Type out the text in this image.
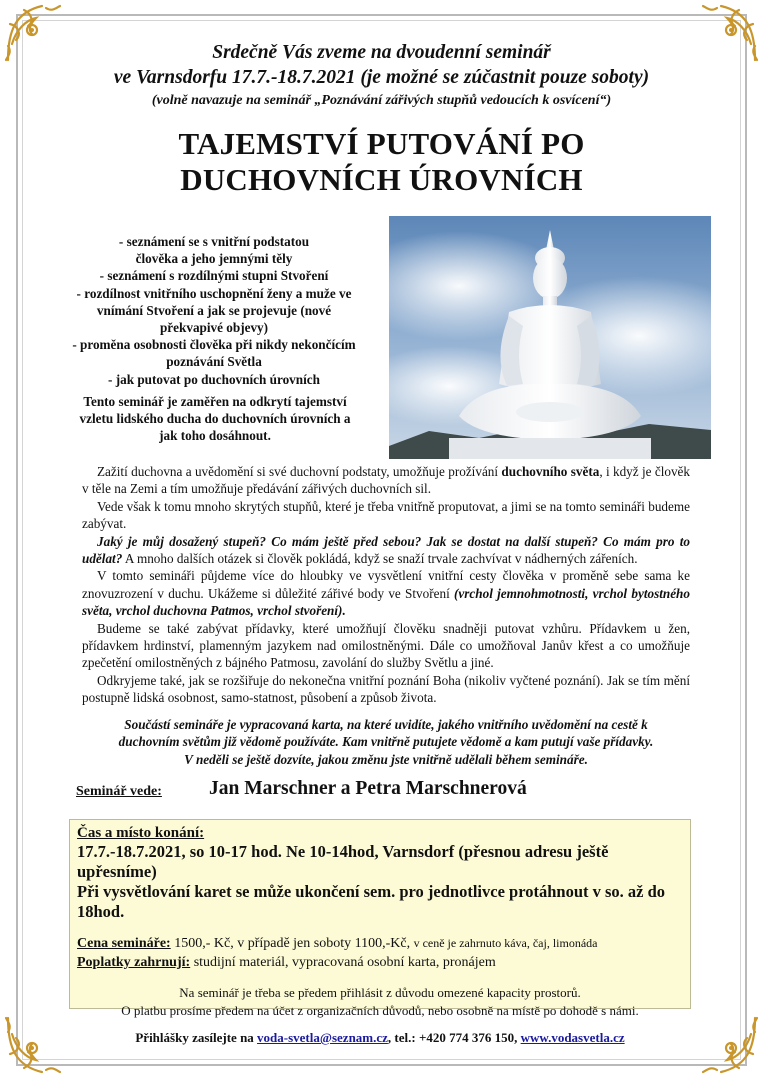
Srdečně Vás zveme na dvoudenní seminář
ve Varnsdorfu 17.7.-18.7.2021 (je možné se zúčastnit pouze soboty)
(volně navazuje na seminář „Poznávání zářivých stupňů vedoucích k osvícení“)
TAJEMSTVÍ PUTOVÁNÍ PO
DUCHOVNÍCH ÚROVNÍCH
- seznámení se s vnitřní podstatou
člověka a jeho jemnými těly
- seznámení s rozdílnými stupni Stvoření
- rozdílnost vnitřního uschopnění ženy a muže ve
vnímání Stvoření a jak se projevuje (nové
překvapivé objevy)
- proměna osobnosti člověka při nikdy nekončícím
poznávání Světla
- jak putovat po duchovních úrovních
Tento seminář je zaměřen na odkrytí tajemství
vzletu lidského ducha do duchovních úrovních a
jak toho dosáhnout.

Zažití duchovna a uvědomění si své duchovní podstaty, umožňuje prožívání duchovního světa, i když je člověk v těle na Zemi a tím umožňuje předávání zářivých duchovních sil.

Vede však k tomu mnoho skrytých stupňů, které je třeba vnitřně proputovat, a jimi se na tomto semináři budeme zabývat.

Jaký je můj dosažený stupeň? Co mám ještě před sebou? Jak se dostat na další stupeň? Co mám pro to udělat? A mnoho dalších otázek si člověk pokládá, když se snaží trvale zachvívat v nádherných zářeních.

V tomto semináři půjdeme více do hloubky ve vysvětlení vnitřní cesty člověka v proměně sebe sama ke znovuzrození v duchu. Ukážeme si důležité zářivé body ve Stvoření (vrchol jemnohmotnosti, vrchol bytostného světa, vrchol duchovna Patmos, vrchol stvoření).

Budeme se také zabývat přídavky, které umožňují člověku snadněji putovat vzhůru. Přídavkem u žen, přídavkem hrdinství, plamenným jazykem nad omilostněnými. Dále co umožňoval Janův křest a co umožňuje zpečetění omilostněných z bájného Patmosu, zavolání do služby Světlu a jiné.

Odkryjeme také, jak se rozšiřuje do nekonečna vnitřní poznání Boha (nikoliv vyčtené poznání). Jak se tím mění postupně lidská osobnost, samo-statnost, působení a způsob života.

Součástí semináře je vypracovaná karta, na které uvidíte, jakého vnitřního uvědomění na cestě k
duchovním světům již vědomě používáte. Kam vnitřně putujete vědomě a kam putují vaše přídavky.
V neděli se ještě dozvíte, jakou změnu jste vnitřně udělali během semináře.
Seminář vede: Jan Marschner a Petra Marschnerová
Čas a místo konání:
17.7.-18.7.2021, so 10-17 hod. Ne 10-14hod, Varnsdorf (přesnou adresu ještě upřesníme)
Při vysvětlování karet se může ukončení sem. pro jednotlivce protáhnout v so. až do 18hod.
Cena semináře: 1500,- Kč, v případě jen soboty 1100,-Kč, v ceně je zahrnuto káva, čaj, limonáda
Poplatky zahrnují: studijní materiál, vypracovaná osobní karta, pronájem
Na seminář je třeba se předem přihlásit z důvodu omezené kapacity prostorů.
O platbu prosíme předem na účet z organizačních důvodů, nebo osobně na místě po dohodě s námi.
Přihlášky zasílejte na voda-svetla@seznam.cz, tel.: +420 774 376 150, www.vodasvetla.cz
